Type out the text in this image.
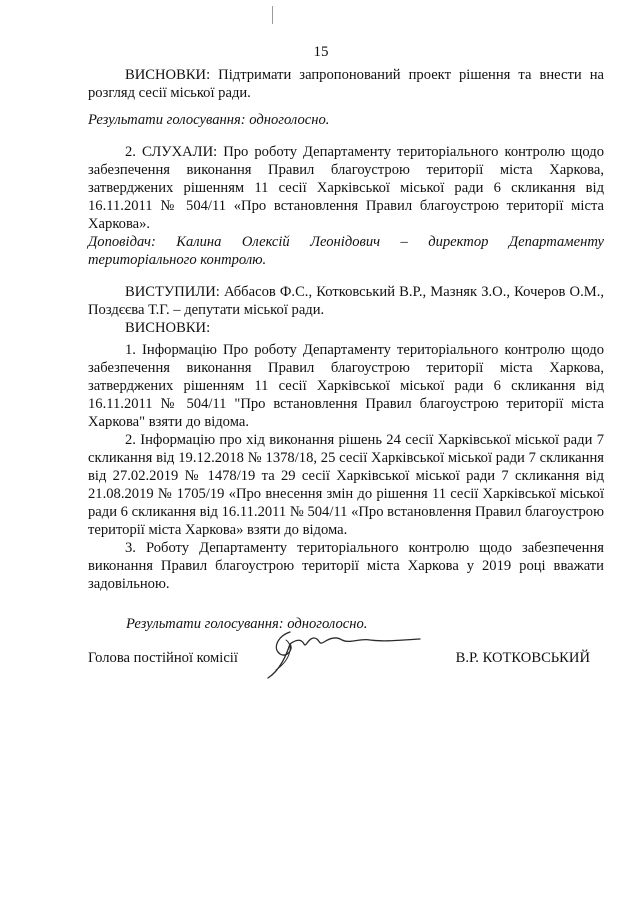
15

ВИСНОВКИ: Підтримати запропонований проект рішення та внести на розгляд сесії міської ради.

Результати голосування: одноголосно.

2. СЛУХАЛИ: Про роботу Департаменту територіального контролю щодо забезпечення виконання Правил благоустрою території міста Харкова, затверджених рішенням 11 сесії Харківської міської ради 6 скликання від 16.11.2011 № 504/11 «Про встановлення Правил благоустрою території міста Харкова».

Доповідач: Калина Олексій Леонідович – директор Департаменту територіального контролю.

ВИСТУПИЛИ: Аббасов Ф.С., Котковський В.Р., Мазняк З.О., Кочеров О.М., Поздєєва Т.Г. – депутати міської ради.

ВИСНОВКИ:

1. Інформацію Про роботу Департаменту територіального контролю щодо забезпечення виконання Правил благоустрою території міста Харкова, затверджених рішенням 11 сесії Харківської міської ради 6 скликання від 16.11.2011 № 504/11 "Про встановлення Правил благоустрою території міста Харкова" взяти до відома.

2. Інформацію про хід виконання рішень 24 сесії Харківської міської ради 7 скликання від 19.12.2018 № 1378/18, 25 сесії Харківської міської ради 7 скликання від 27.02.2019 № 1478/19 та 29 сесії Харківської міської ради 7 скликання від 21.08.2019 № 1705/19 «Про внесення змін до рішення 11 сесії Харківської міської ради 6 скликання від 16.11.2011 № 504/11 «Про встановлення Правил благоустрою території міста Харкова» взяти до відома.

3. Роботу Департаменту територіального контролю щодо забезпечення виконання Правил благоустрою території міста Харкова у 2019 році вважати задовільною.

Результати голосування: одноголосно.

Голова постійної комісії	В.Р. КОТКОВСЬКИЙ
